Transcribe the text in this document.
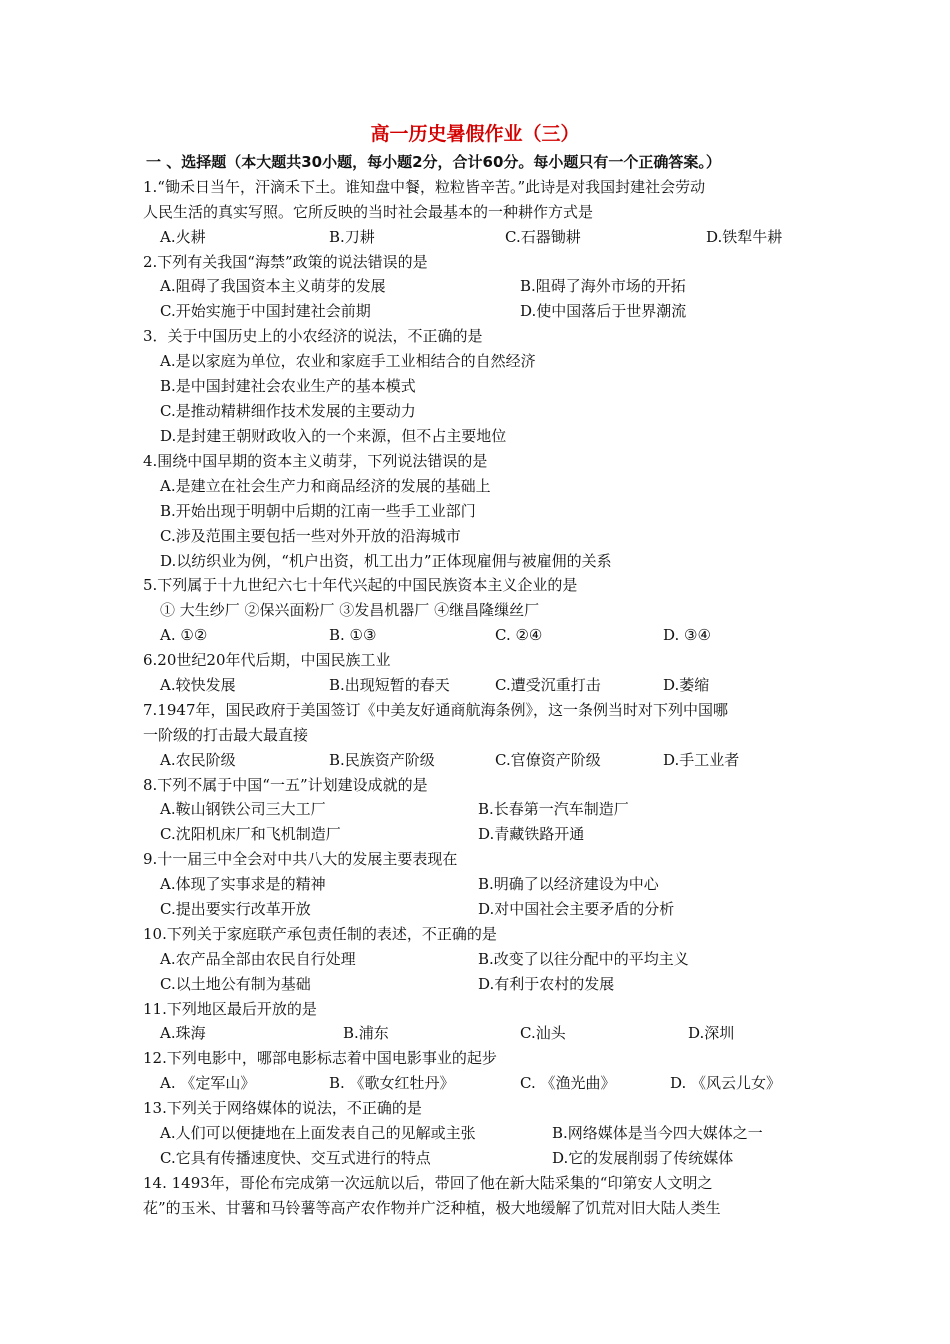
高一历史暑假作业（三）
一 、选择题（本大题共30小题，每小题2分，合计60分。每小题只有一个正确答案。）
1.“锄禾日当午，汗滴禾下土。谁知盘中餐，粒粒皆辛苦。”此诗是对我国封建社会劳动
人民生活的真实写照。它所反映的当时社会最基本的一种耕作方式是
A.火耕	B.刀耕	C.石器锄耕	D.铁犁牛耕
2.下列有关我国“海禁”政策的说法错误的是
A.阻碍了我国资本主义萌芽的发展	B.阻碍了海外市场的开拓
C.开始实施于中国封建社会前期	D.使中国落后于世界潮流
3．关于中国历史上的小农经济的说法，不正确的是
A.是以家庭为单位，农业和家庭手工业相结合的自然经济
B.是中国封建社会农业生产的基本模式
C.是推动精耕细作技术发展的主要动力
D.是封建王朝财政收入的一个来源，但不占主要地位
4.围绕中国早期的资本主义萌芽，下列说法错误的是
A.是建立在社会生产力和商品经济的发展的基础上
B.开始出现于明朝中后期的江南一些手工业部门
C.涉及范围主要包括一些对外开放的沿海城市
D.以纺织业为例，“机户出资，机工出力”正体现雇佣与被雇佣的关系
5.下列属于十九世纪六七十年代兴起的中国民族资本主义企业的是
① 大生纱厂 ②保兴面粉厂 ③发昌机器厂 ④继昌隆缫丝厂
A. ①②	B. ①③	C. ②④	D. ③④
6.20世纪20年代后期，中国民族工业
A.较快发展	B.出现短暂的春天	C.遭受沉重打击	D.萎缩
7.1947年，国民政府于美国签订《中美友好通商航海条例》，这一条例当时对下列中国哪
一阶级的打击最大最直接
A.农民阶级	B.民族资产阶级	C.官僚资产阶级	D.手工业者
8.下列不属于中国“一五”计划建设成就的是
A.鞍山钢铁公司三大工厂	B.长春第一汽车制造厂
C.沈阳机床厂和飞机制造厂	D.青藏铁路开通
9.十一届三中全会对中共八大的发展主要表现在
A.体现了实事求是的精神	B.明确了以经济建设为中心
C.提出要实行改革开放	D.对中国社会主要矛盾的分析
10.下列关于家庭联产承包责任制的表述，不正确的是
A.农产品全部由农民自行处理	B.改变了以往分配中的平均主义
C.以土地公有制为基础	D.有利于农村的发展
11.下列地区最后开放的是
A.珠海	B.浦东	C.汕头	D.深圳
12.下列电影中，哪部电影标志着中国电影事业的起步
A. 《定军山》	B. 《歌女红牡丹》	C. 《渔光曲》	D. 《风云儿女》
13.下列关于网络媒体的说法，不正确的是
A.人们可以便捷地在上面发表自己的见解或主张	B.网络媒体是当今四大媒体之一
C.它具有传播速度快、交互式进行的特点	D.它的发展削弱了传统媒体
14. 1493年，哥伦布完成第一次远航以后，带回了他在新大陆采集的“印第安人文明之
花”的玉米、甘薯和马铃薯等高产农作物并广泛种植，极大地缓解了饥荒对旧大陆人类生
